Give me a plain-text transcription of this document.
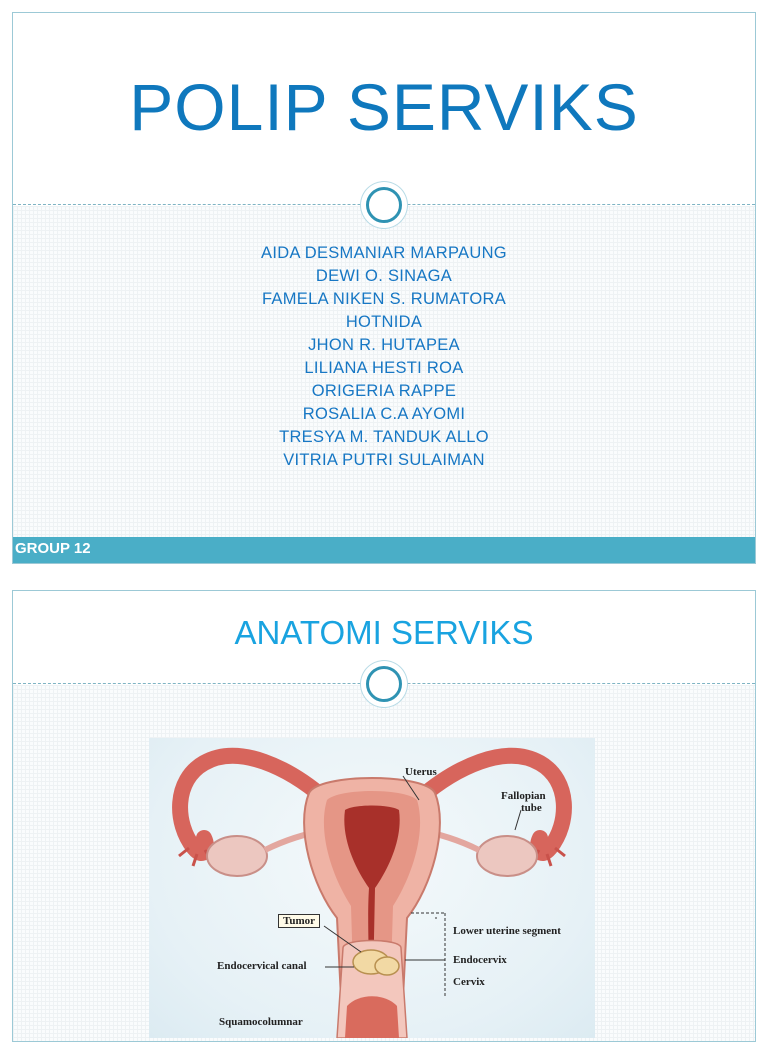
POLIP SERVIKS
AIDA DESMANIAR MARPAUNG
DEWI O. SINAGA
FAMELA NIKEN S. RUMATORA
HOTNIDA
JHON R. HUTAPEA
LILIANA HESTI ROA
ORIGERIA RAPPE
ROSALIA C.A AYOMI
TRESYA M. TANDUK ALLO
VITRIA PUTRI SULAIMAN
GROUP 12
ANATOMI SERVIKS
Uterus
Fallopian
tube
Tumor
Lower uterine segment
Endocervical canal	Endocervix
Cervix
Squamocolumnar
